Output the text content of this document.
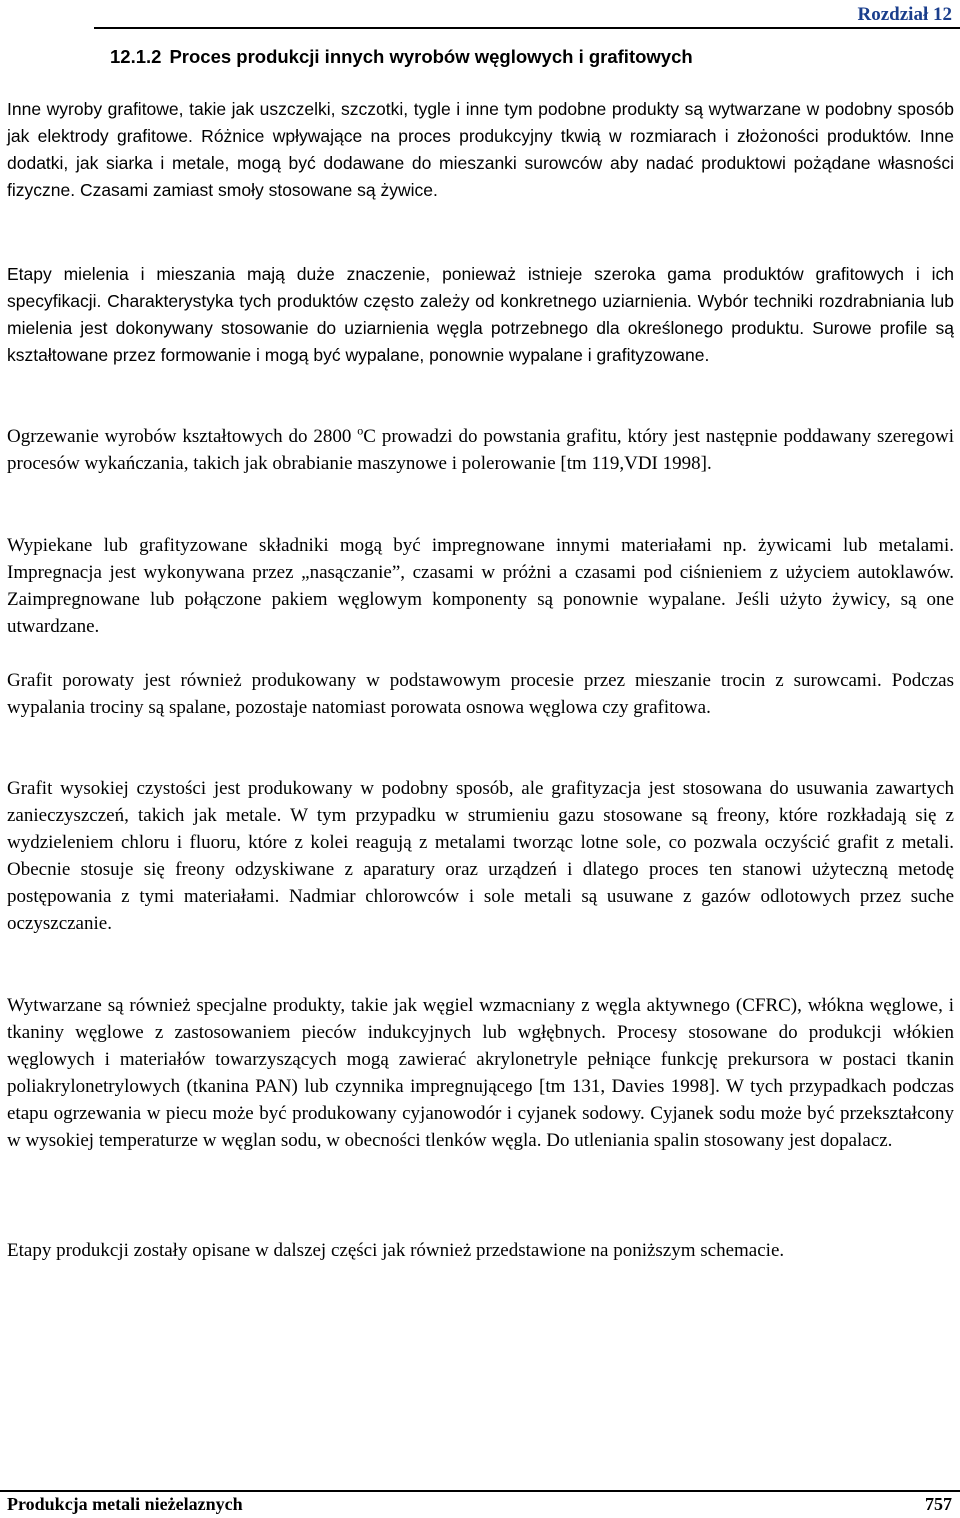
Rozdział 12
12.1.2 Proces produkcji innych wyrobów węglowych i grafitowych

Inne wyroby grafitowe, takie jak uszczelki, szczotki, tygle i inne tym podobne produkty są wytwarzane w podobny sposób jak elektrody grafitowe. Różnice wpływające na proces produkcyjny tkwią w rozmiarach i złożoności produktów. Inne dodatki, jak siarka i metale, mogą być dodawane do mieszanki surowców aby nadać produktowi pożądane własności fizyczne. Czasami zamiast smoły stosowane są żywice.

Etapy mielenia i mieszania mają duże znaczenie, ponieważ istnieje szeroka gama produktów grafitowych i ich specyfikacji. Charakterystyka tych produktów często zależy od konkretnego uziarnienia. Wybór techniki rozdrabniania lub mielenia jest dokonywany stosowanie do uziarnienia węgla potrzebnego dla określonego produktu. Surowe profile są kształtowane przez formowanie i mogą być wypalane, ponownie wypalane i grafityzowane.

Ogrzewanie wyrobów kształtowych do 2800 $^o$C prowadzi do powstania grafitu, który jest następnie poddawany szeregowi procesów wykańczania, takich jak obrabianie maszynowe i polerowanie [tm 119,VDI 1998].

Wypiekane lub grafityzowane składniki mogą być impregnowane innymi materiałami np. żywicami lub metalami. Impregnacja jest wykonywana przez „nasączanie”, czasami w próżni a czasami pod ciśnieniem z użyciem autoklawów. Zaimpregnowane lub połączone pakiem węglowym komponenty są ponownie wypalane. Jeśli użyto żywicy, są one utwardzane.

Grafit porowaty jest również produkowany w podstawowym procesie przez mieszanie trocin z surowcami. Podczas wypalania trociny są spalane, pozostaje natomiast porowata osnowa węglowa czy grafitowa.

Grafit wysokiej czystości jest produkowany w podobny sposób, ale grafityzacja jest stosowana do usuwania zawartych zanieczyszczeń, takich jak metale. W tym przypadku w strumieniu gazu stosowane są freony, które rozkładają się z wydzieleniem chloru i fluoru, które z kolei reagują z metalami tworząc lotne sole, co pozwala oczyścić grafit z metali. Obecnie stosuje się freony odzyskiwane z aparatury oraz urządzeń i dlatego proces ten stanowi użyteczną metodę postępowania z tymi materiałami. Nadmiar chlorowców i sole metali są usuwane z gazów odlotowych przez suche oczyszczanie.

Wytwarzane są również specjalne produkty, takie jak węgiel wzmacniany z węgla aktywnego (CFRC), włókna węglowe, i tkaniny węglowe z zastosowaniem pieców indukcyjnych lub wgłębnych. Procesy stosowane do produkcji włókien węglowych i materiałów towarzyszących mogą zawierać akrylonetryle pełniące funkcję prekursora w postaci tkanin poliakrylonetrylowych (tkanina PAN) lub czynnika impregnującego [tm 131, Davies 1998]. W tych przypadkach podczas etapu ogrzewania w piecu może być produkowany cyjanowodór i cyjanek sodowy. Cyjanek sodu może być przekształcony w wysokiej temperaturze w węglan sodu, w obecności tlenków węgla. Do utleniania spalin stosowany jest dopalacz.

Etapy produkcji zostały opisane w dalszej części jak również przedstawione na poniższym schemacie.

Produkcja metali nieżelaznych	757
